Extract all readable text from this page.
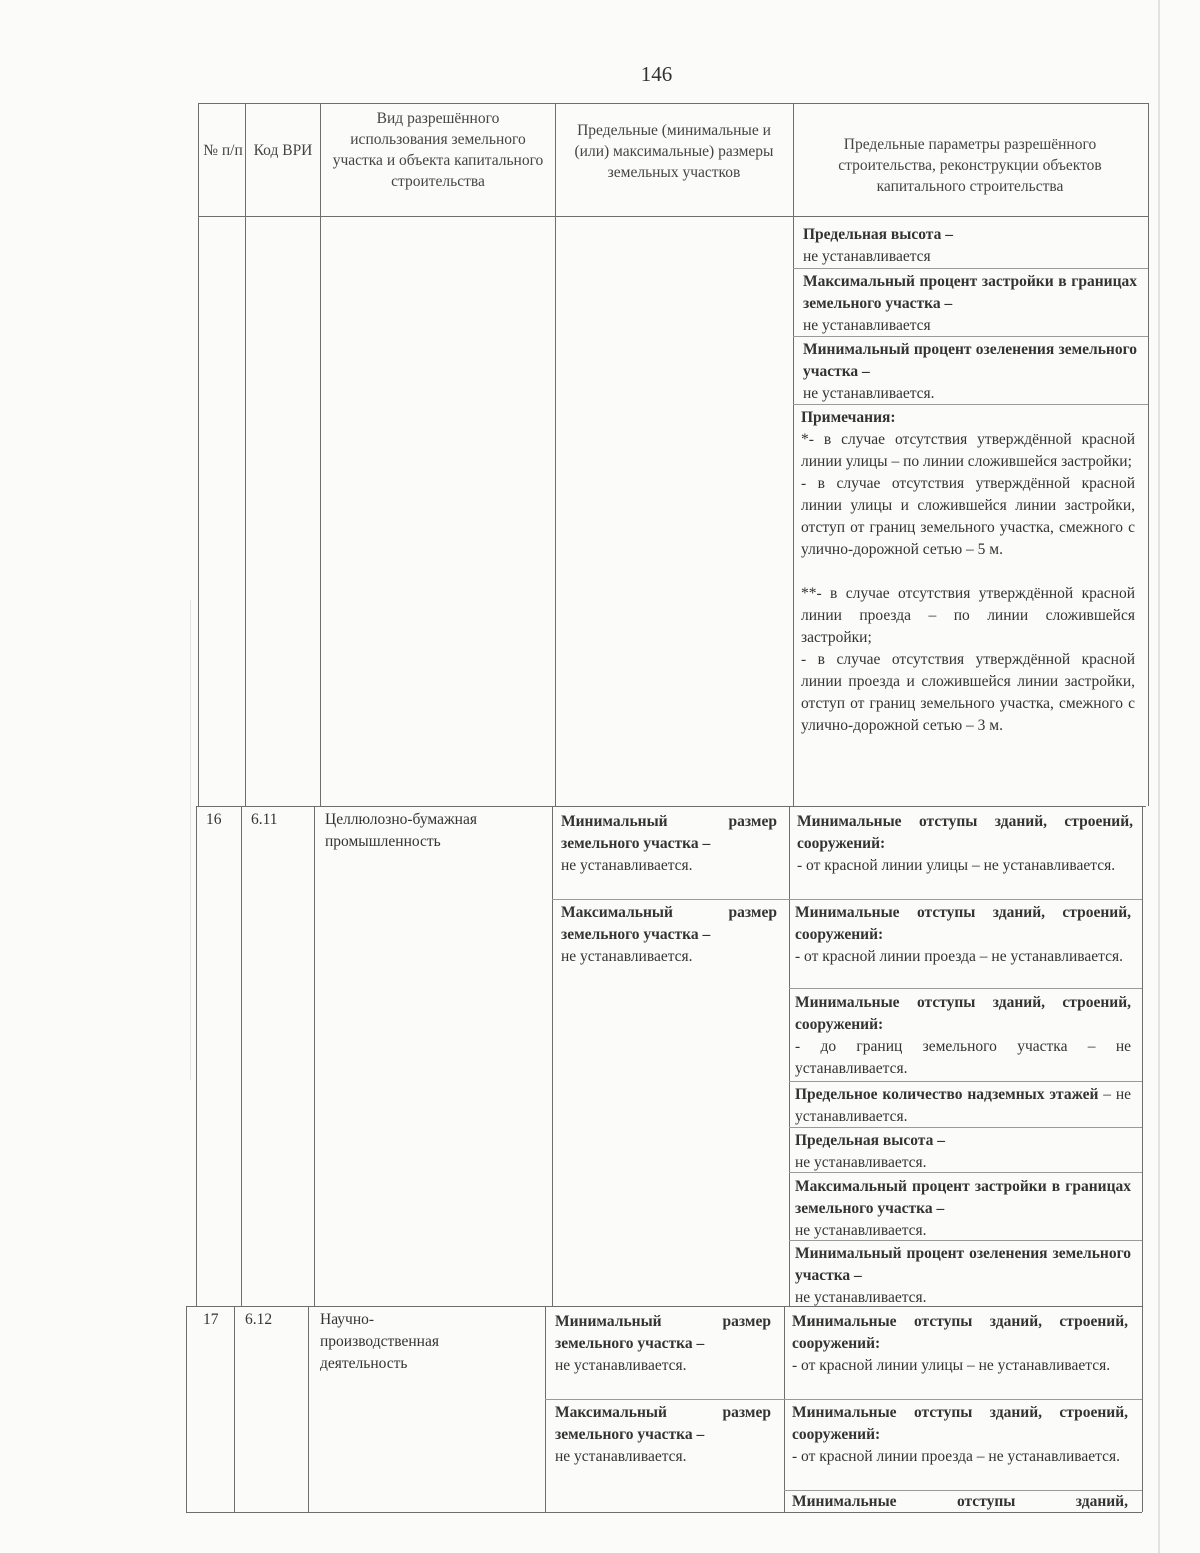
146
№ п/п Код ВРИ
Вид разрешённого использования земельного участка и объекта капитального строительства
Предельные (минимальные и (или) максимальные) размеры земельных участков
Предельные параметры разрешённого строительства, реконструкции объектов капитального строительства
Предельная высота –
не устанавливается
Максимальный процент застройки в границах земельного участка –
не устанавливается
Минимальный процент озеленения земельного участка –
не устанавливается.
Примечания:
*- в случае отсутствия утверждённой красной линии улицы – по линии сложившейся застройки;
- в случае отсутствия утверждённой красной линии улицы и сложившейся линии застройки, отступ от границ земельного участка, смежного с улично-дорожной сетью – 5 м.
**- в случае отсутствия утверждённой красной линии проезда – по линии сложившейся застройки;
- в случае отсутствия утверждённой красной линии проезда и сложившейся линии застройки, отступ от границ земельного участка, смежного с улично-дорожной сетью – 3 м.
16 6.11	Целлюлозно-бумажная промышленность
Минимальный размер земельного участка –
не устанавливается.
Максимальный размер земельного участка –
не устанавливается.
Минимальные отступы зданий, строений, сооружений:
- от красной линии улицы – не устанавливается.
Минимальные отступы зданий, строений, сооружений:
- от красной линии проезда – не устанавливается.
Минимальные отступы зданий, строений, сооружений:
- до границ земельного участка – не устанавливается.
Предельное количество надземных этажей – не устанавливается.
Предельная высота –
не устанавливается.
Максимальный процент застройки в границах земельного участка –
не устанавливается.
Минимальный процент озеленения земельного участка –
не устанавливается.
17 6.12	Научно-производственная деятельность
Минимальный размер земельного участка –
не устанавливается.
Максимальный размер земельного участка –
не устанавливается.
Минимальные отступы зданий, строений, сооружений:
- от красной линии улицы – не устанавливается.
Минимальные отступы зданий, строений, сооружений:
- от красной линии проезда – не устанавливается.
Минимальные отступы зданий,
